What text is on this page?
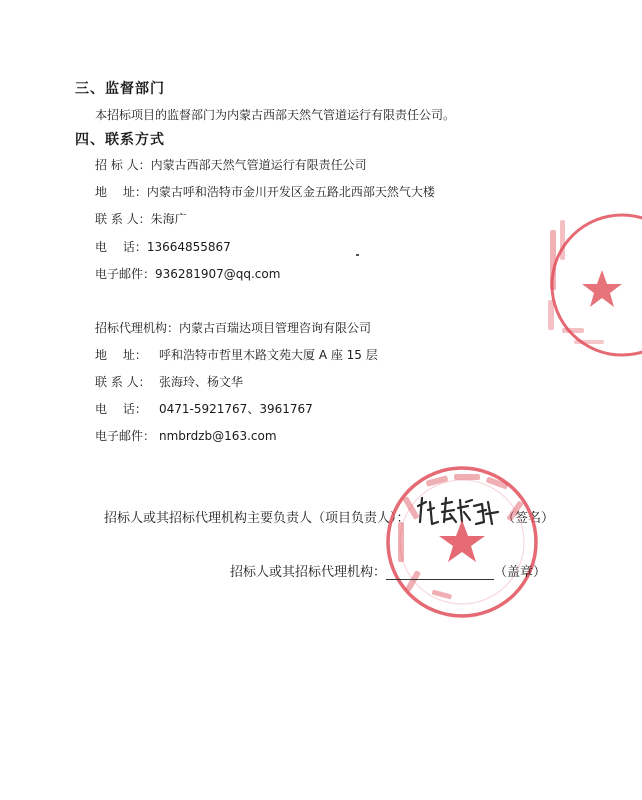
三、监督部门
本招标项目的监督部门为内蒙古西部天然气管道运行有限责任公司。
四、联系方式
招 标 人：内蒙古西部天然气管道运行有限责任公司
地　 址：内蒙古呼和浩特市金川开发区金五路北西部天然气大楼
联 系 人：朱海广
电　 话：13664855867
电子邮件：936281907@qq.com
招标代理机构：内蒙古百瑞达项目管理咨询有限公司
地　 址： 呼和浩特市哲里木路文苑大厦 A 座 15 层
联 系 人： 张海玲、杨文华
电　 话： 0471-5921767、3961767
电子邮件： nmbrdzb@163.com
招标人或其招标代理机构主要负责人（项目负责人）：	（签名）
招标人或其招标代理机构：	（盖章）
